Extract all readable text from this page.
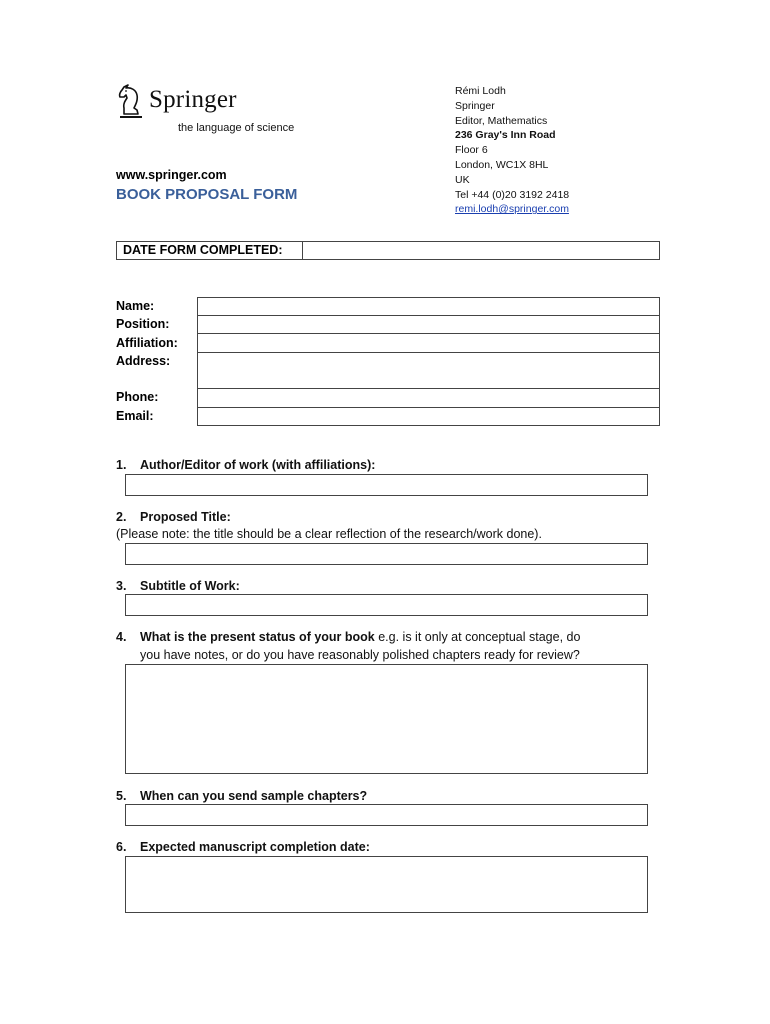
Springer
the language of science
www.springer.com
BOOK PROPOSAL FORM
Rémi Lodh
Springer
Editor, Mathematics
236 Gray's Inn Road
Floor 6
London, WC1X 8HL
UK
Tel +44 (0)20 3192 2418
remi.lodh@springer.com
DATE FORM COMPLETED:
Name:
Position:
Affiliation:
Address:
Phone:
Email:
1. Author/Editor of work (with affiliations):
2. Proposed Title:
(Please note: the title should be a clear reflection of the research/work done).
3. Subtitle of Work:
4. What is the present status of your book e.g. is it only at conceptual stage, do
you have notes, or do you have reasonably polished chapters ready for review?
5. When can you send sample chapters?
6. Expected manuscript completion date:
